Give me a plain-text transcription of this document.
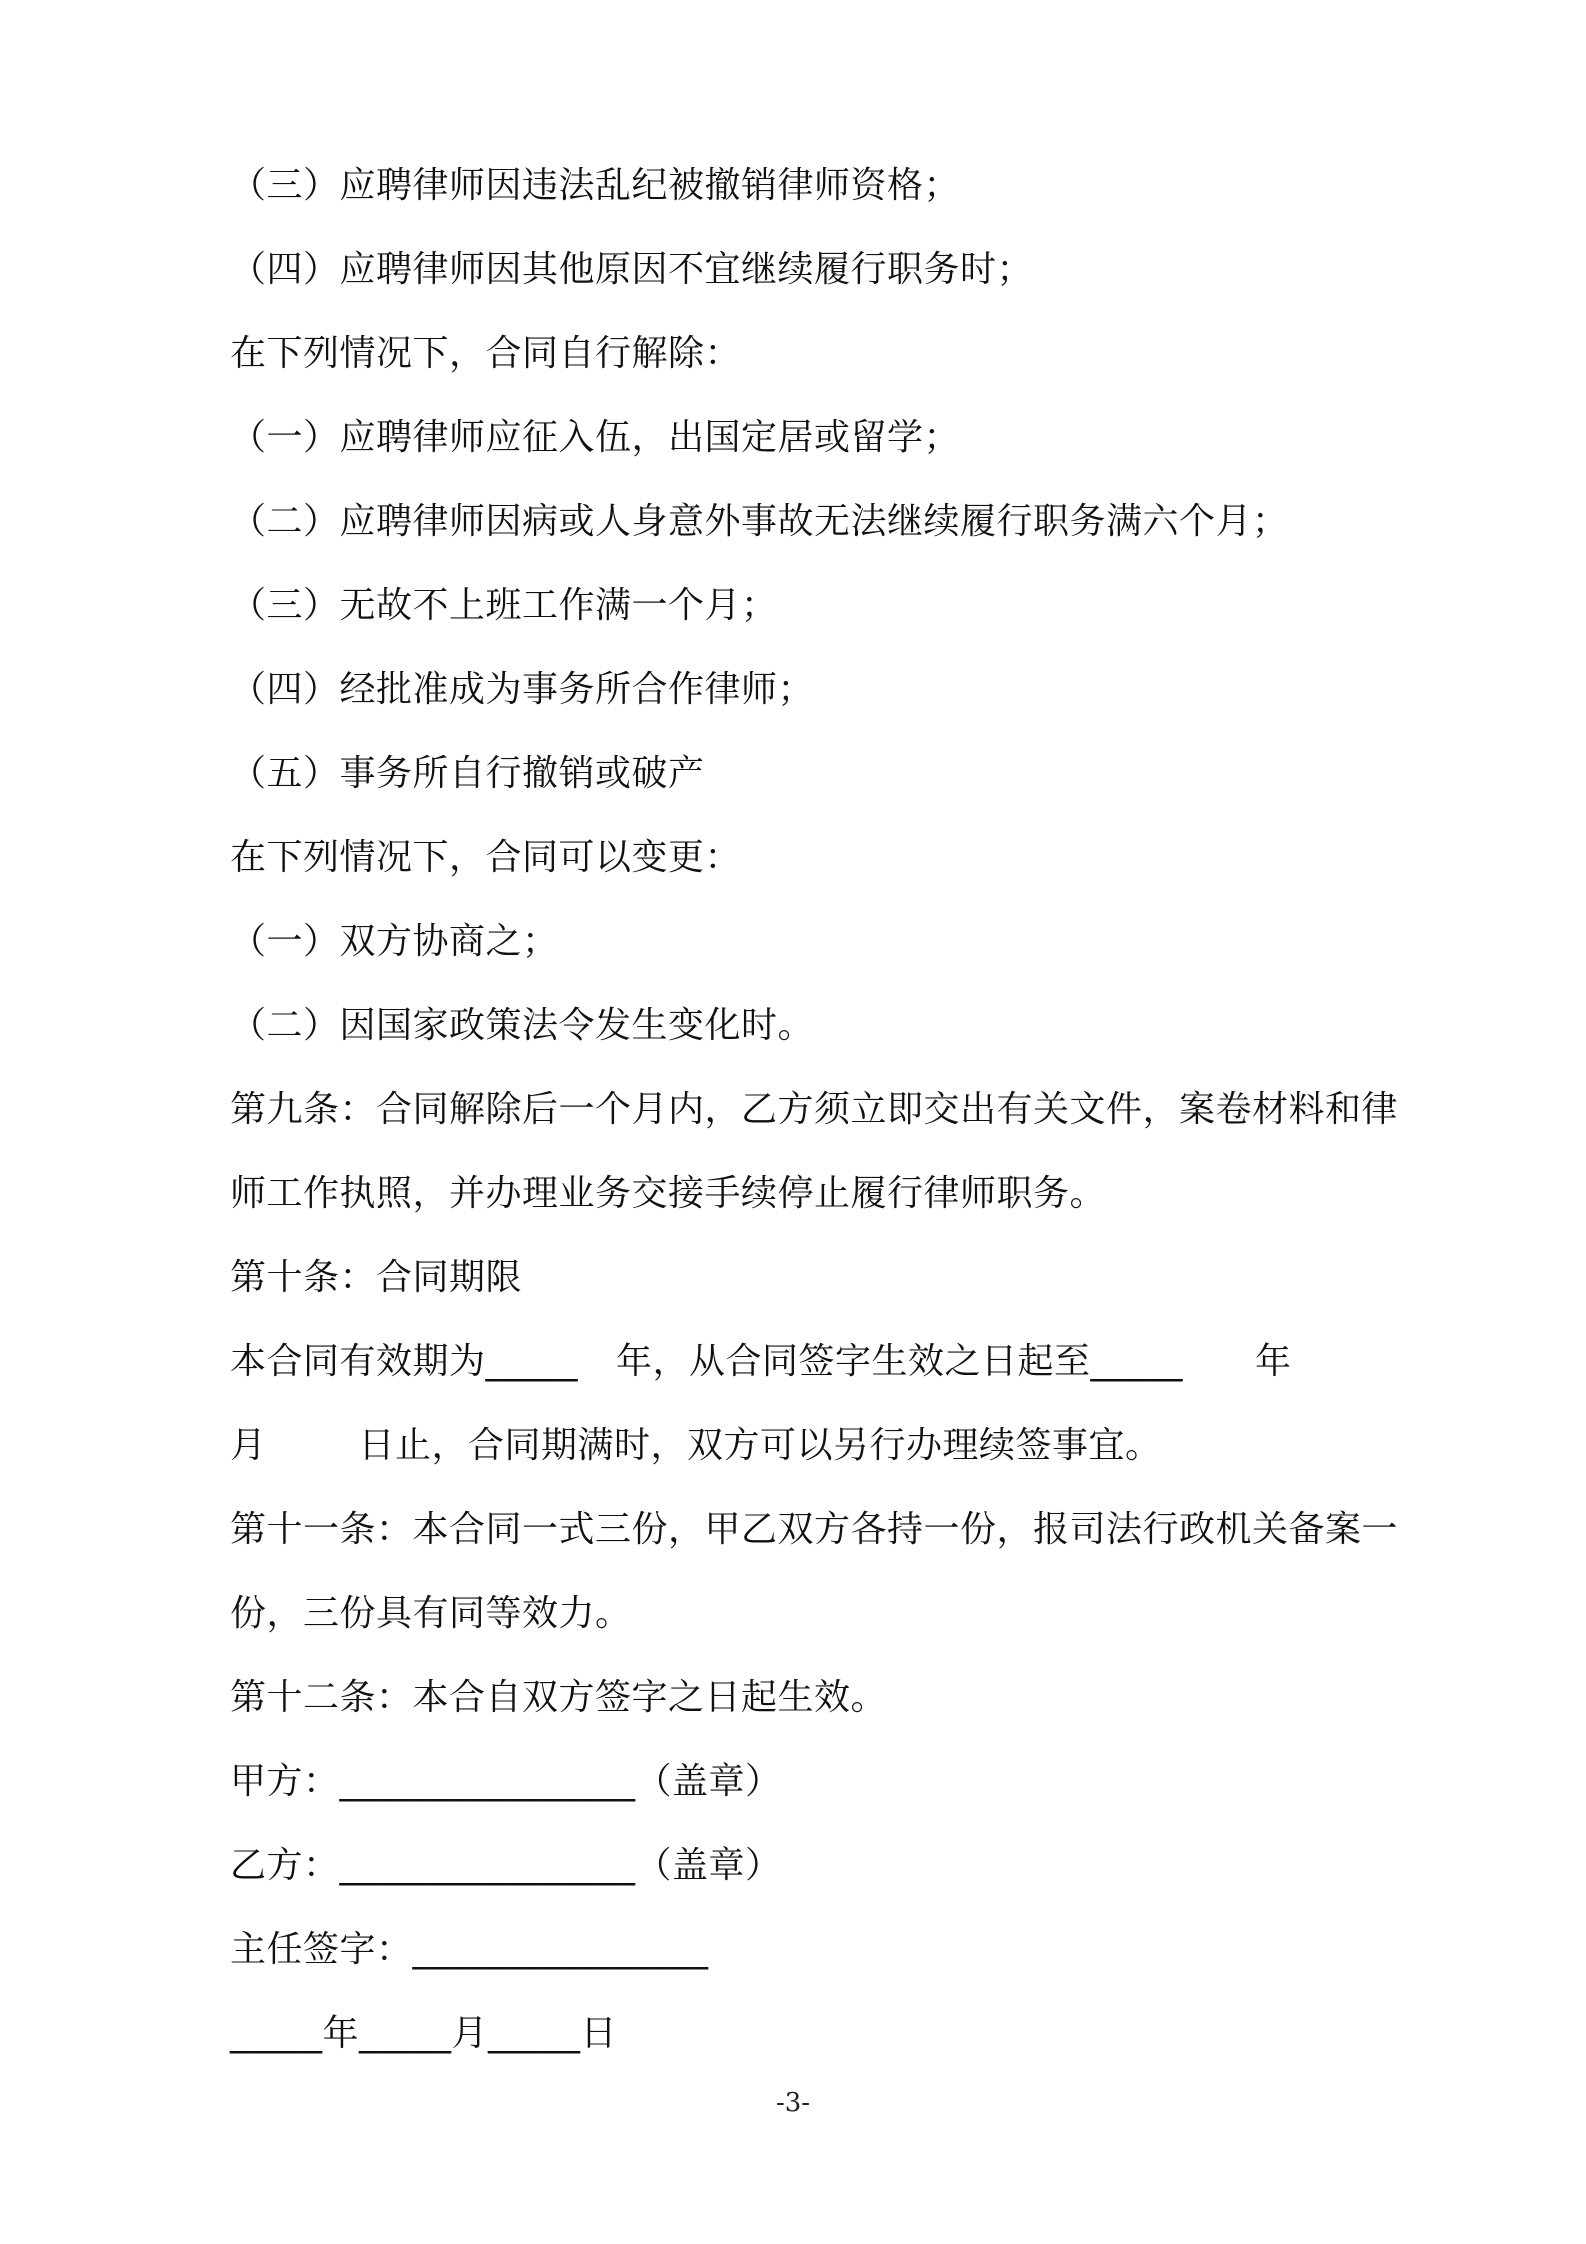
（三）应聘律师因违法乱纪被撤销律师资格；
（四）应聘律师因其他原因不宜继续履行职务时；
在下列情况下，合同自行解除：
（一）应聘律师应征入伍，出国定居或留学；
（二）应聘律师因病或人身意外事故无法继续履行职务满六个月；
（三）无故不上班工作满一个月；
（四）经批准成为事务所合作律师；
（五）事务所自行撤销或破产
在下列情况下，合同可以变更：
（一）双方协商之；
（二）因国家政策法令发生变化时。
第九条：合同解除后一个月内，乙方须立即交出有关文件，案卷材料和律
师工作执照，并办理业务交接手续停止履行律师职务。
第十条：合同期限
本合同有效期为_____ 年，从合同签字生效之日起至_____ 年
月	日止，合同期满时，双方可以另行办理续签事宜。
第十一条：本合同一式三份，甲乙双方各持一份，报司法行政机关备案一
份，三份具有同等效力。
第十二条：本合自双方签字之日起生效。
甲方：________________（盖章）
乙方：________________（盖章）
主任签字：________________
_____年_____月_____日
-3-
